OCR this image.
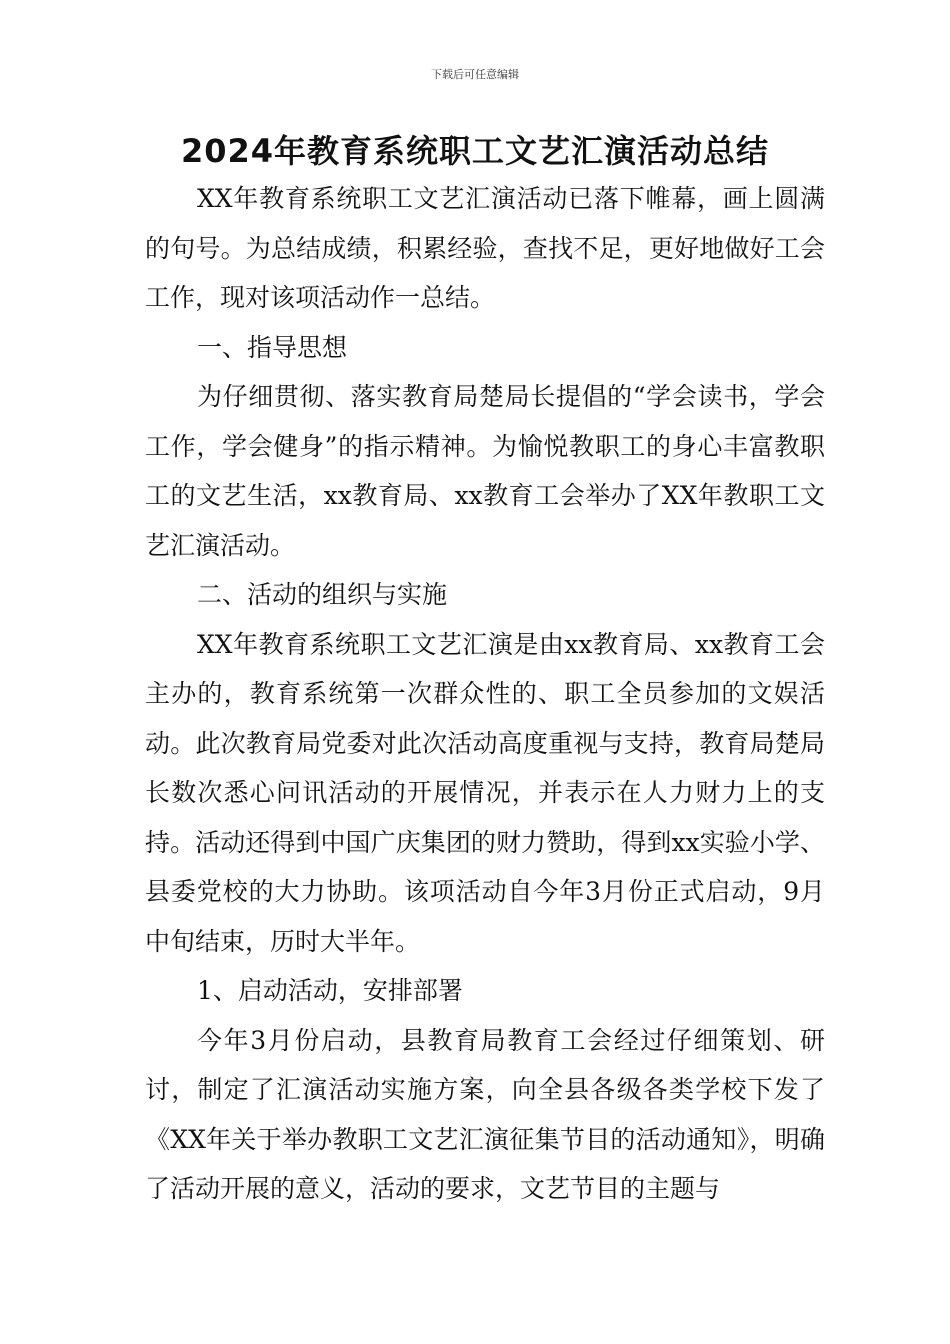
下载后可任意编辑
2024年教育系统职工文艺汇演活动总结

XX年教育系统职工文艺汇演活动已落下帷幕，画上圆满的句号。为总结成绩，积累经验，查找不足，更好地做好工会工作，现对该项活动作一总结。

一、指导思想

为仔细贯彻、落实教育局楚局长提倡的“学会读书，学会工作，学会健身”的指示精神。为愉悦教职工的身心丰富教职工的文艺生活，xx教育局、xx教育工会举办了XX年教职工文艺汇演活动。

二、活动的组织与实施

XX年教育系统职工文艺汇演是由xx教育局、xx教育工会主办的，教育系统第一次群众性的、职工全员参加的文娱活动。此次教育局党委对此次活动高度重视与支持，教育局楚局长数次悉心问讯活动的开展情况，并表示在人力财力上的支持。活动还得到中国广庆集团的财力赞助，得到xx实验小学、县委党校的大力协助。该项活动自今年3月份正式启动，9月中旬结束，历时大半年。

1、启动活动，安排部署

今年3月份启动，县教育局教育工会经过仔细策划、研讨，制定了汇演活动实施方案，向全县各级各类学校下发了《XX年关于举办教职工文艺汇演征集节目的活动通知》，明确了活动开展的意义，活动的要求，文艺节目的主题与
